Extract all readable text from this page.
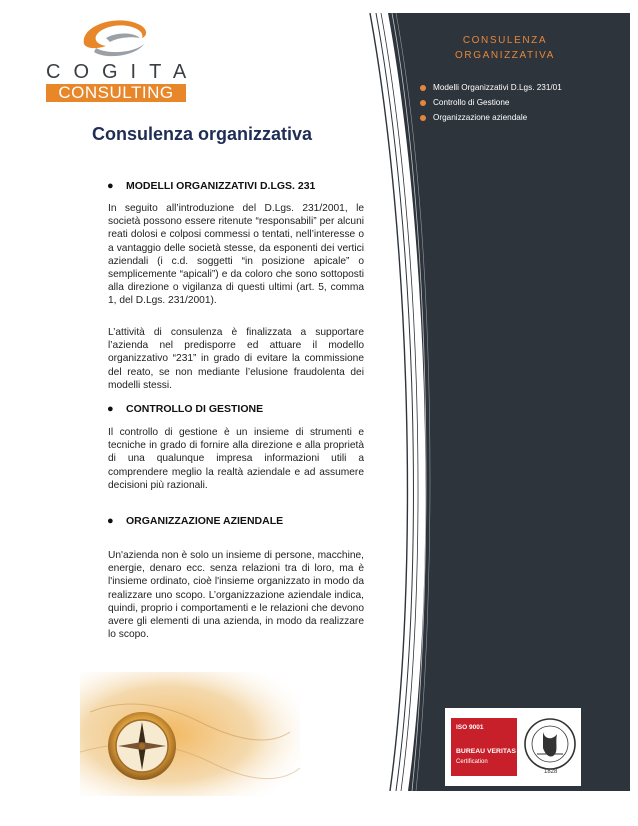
COGITA
CONSULTING
Consulenza organizzativa
● MODELLI ORGANIZZATIVI D.LGS. 231
In seguito all’introduzione del D.Lgs. 231/2001, le società possono essere ritenute “responsabili” per alcuni reati dolosi e colposi commessi o tentati, nell’interesse o a vantaggio delle società stesse, da esponenti dei vertici aziendali (i c.d. soggetti “in posizione apicale” o semplicemente “apicali”) e da coloro che sono sottoposti alla direzione o vigilanza di questi ultimi (art. 5, comma 1, del D.Lgs. 231/2001).
L’attività di consulenza è finalizzata a supportare l’azienda nel predisporre ed attuare il modello organizzativo “231” in grado di evitare la commissione del reato, se non mediante l’elusione fraudolenta dei modelli stessi.
● CONTROLLO DI GESTIONE
Il controllo di gestione è un insieme di strumenti e tecniche in grado di fornire alla direzione e alla proprietà di una qualunque impresa informazioni utili a comprendere meglio la realtà aziendale e ad assumere decisioni più razionali.
● ORGANIZZAZIONE AZIENDALE
Un'azienda non è solo un insieme di persone, macchine, energie, denaro ecc. senza relazioni tra di loro, ma è l'insieme ordinato, cioè l'insieme organizzato in modo da realizzare uno scopo. L’organizzazione aziendale indica, quindi, proprio i comportamenti e le relazioni che devono avere gli elementi di una azienda, in modo da realizzare lo scopo.
CONSULENZA
ORGANIZZATIVA
Modelli Organizzativi D.Lgs. 231/01
Controllo di Gestione
Organizzazione aziendale
ISO 9001
BUREAU VERITAS
Certification
1828
